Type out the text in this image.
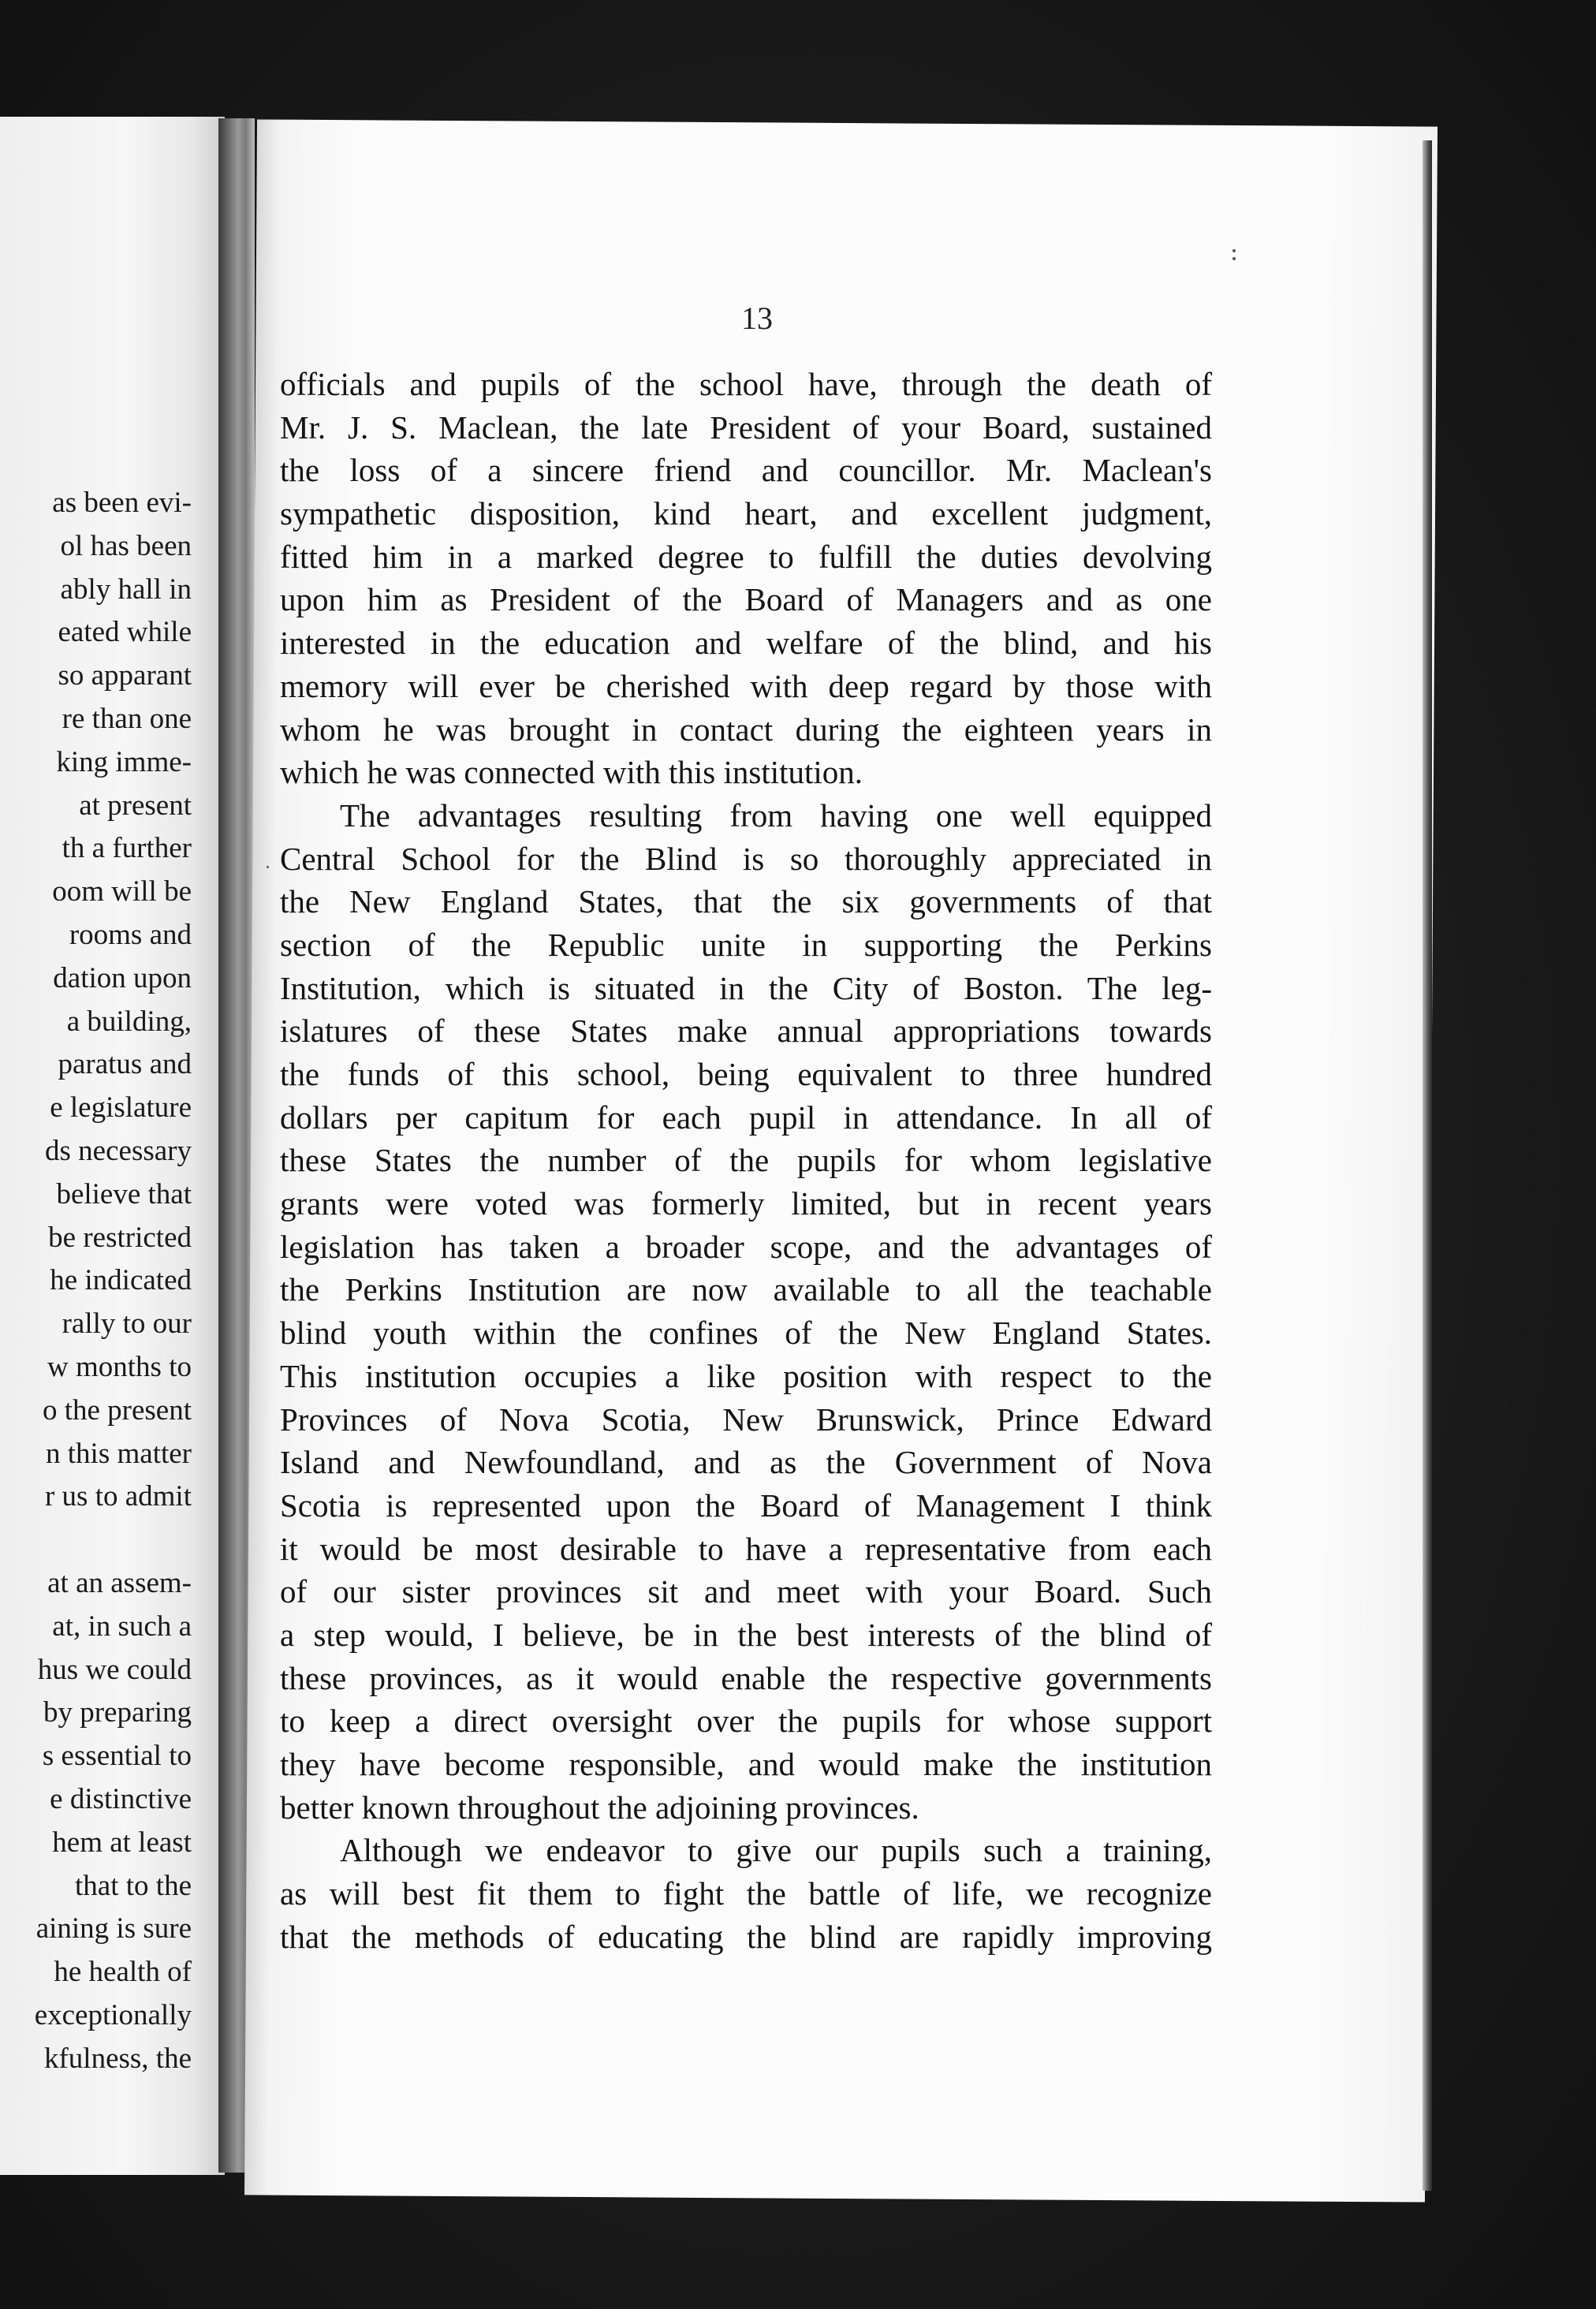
as been evi-
ol has been
ably hall in
eated while
so apparant
re than one
king imme-
at present
th a further
oom will be
rooms and
dation upon
a building,
paratus and
e legislature
ds necessary
believe that
be restricted
he indicated
rally to our
w months to
o the present
n this matter
r us to admit
at an assem-
at, in such a
hus we could
by preparing
s essential to
e distinctive
hem at least
that to the
aining is sure
he health of
exceptionally
kfulness, the
13
officials and pupils of the school have, through the death of
Mr. J. S. Maclean, the late President of your Board, sustained
the loss of a sincere friend and councillor. Mr. Maclean's
sympathetic disposition, kind heart, and excellent judgment,
fitted him in a marked degree to fulfill the duties devolving
upon him as President of the Board of Managers and as one
interested in the education and welfare of the blind, and his
memory will ever be cherished with deep regard by those with
whom he was brought in contact during the eighteen years in
which he was connected with this institution.
The advantages resulting from having one well equipped
Central School for the Blind is so thoroughly appreciated in
the New England States, that the six governments of that
section of the Republic unite in supporting the Perkins
Institution, which is situated in the City of Boston. The leg-
islatures of these States make annual appropriations towards
the funds of this school, being equivalent to three hundred
dollars per capitum for each pupil in attendance. In all of
these States the number of the pupils for whom legislative
grants were voted was formerly limited, but in recent years
legislation has taken a broader scope, and the advantages of
the Perkins Institution are now available to all the teachable
blind youth within the confines of the New England States.
This institution occupies a like position with respect to the
Provinces of Nova Scotia, New Brunswick, Prince Edward
Island and Newfoundland, and as the Government of Nova
Scotia is represented upon the Board of Management I think
it would be most desirable to have a representative from each
of our sister provinces sit and meet with your Board. Such
a step would, I believe, be in the best interests of the blind of
these provinces, as it would enable the respective governments
to keep a direct oversight over the pupils for whose support
they have become responsible, and would make the institution
better known throughout the adjoining provinces.
Although we endeavor to give our pupils such a training,
as will best fit them to fight the battle of life, we recognize
that the methods of educating the blind are rapidly improving
